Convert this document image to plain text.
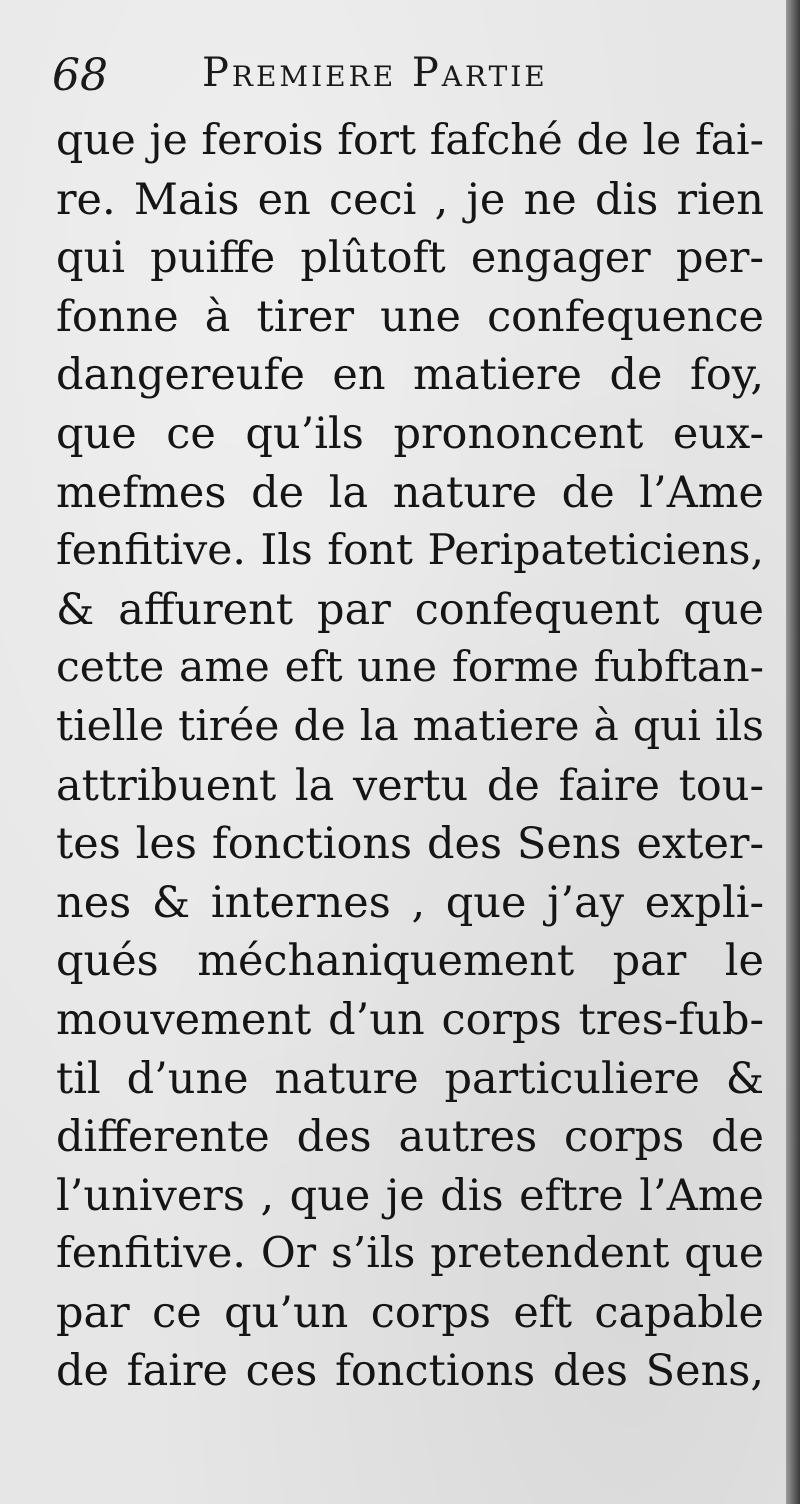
68 Premiere Partie
que je ferois fort fafché de le fai-
re. Mais en ceci , je ne dis rien
qui puiffe plûtoft engager per-
fonne à tirer une confequence
dangereufe en matiere de foy,
que ce qu’ils prononcent eux-
mefmes de la nature de l’Ame
fenfitive. Ils font Peripateticiens,
& affurent par confequent que
cette ame eft une forme fubftan-
tielle tirée de la matiere à qui ils
attribuent la vertu de faire tou-
tes les fonctions des Sens exter-
nes & internes , que j’ay expli-
qués méchaniquement par le
mouvement d’un corps tres-fub-
til d’une nature particuliere &
differente des autres corps de
l’univers , que je dis eftre l’Ame
fenfitive. Or s’ils pretendent que
par ce qu’un corps eft capable
de faire ces fonctions des Sens,
